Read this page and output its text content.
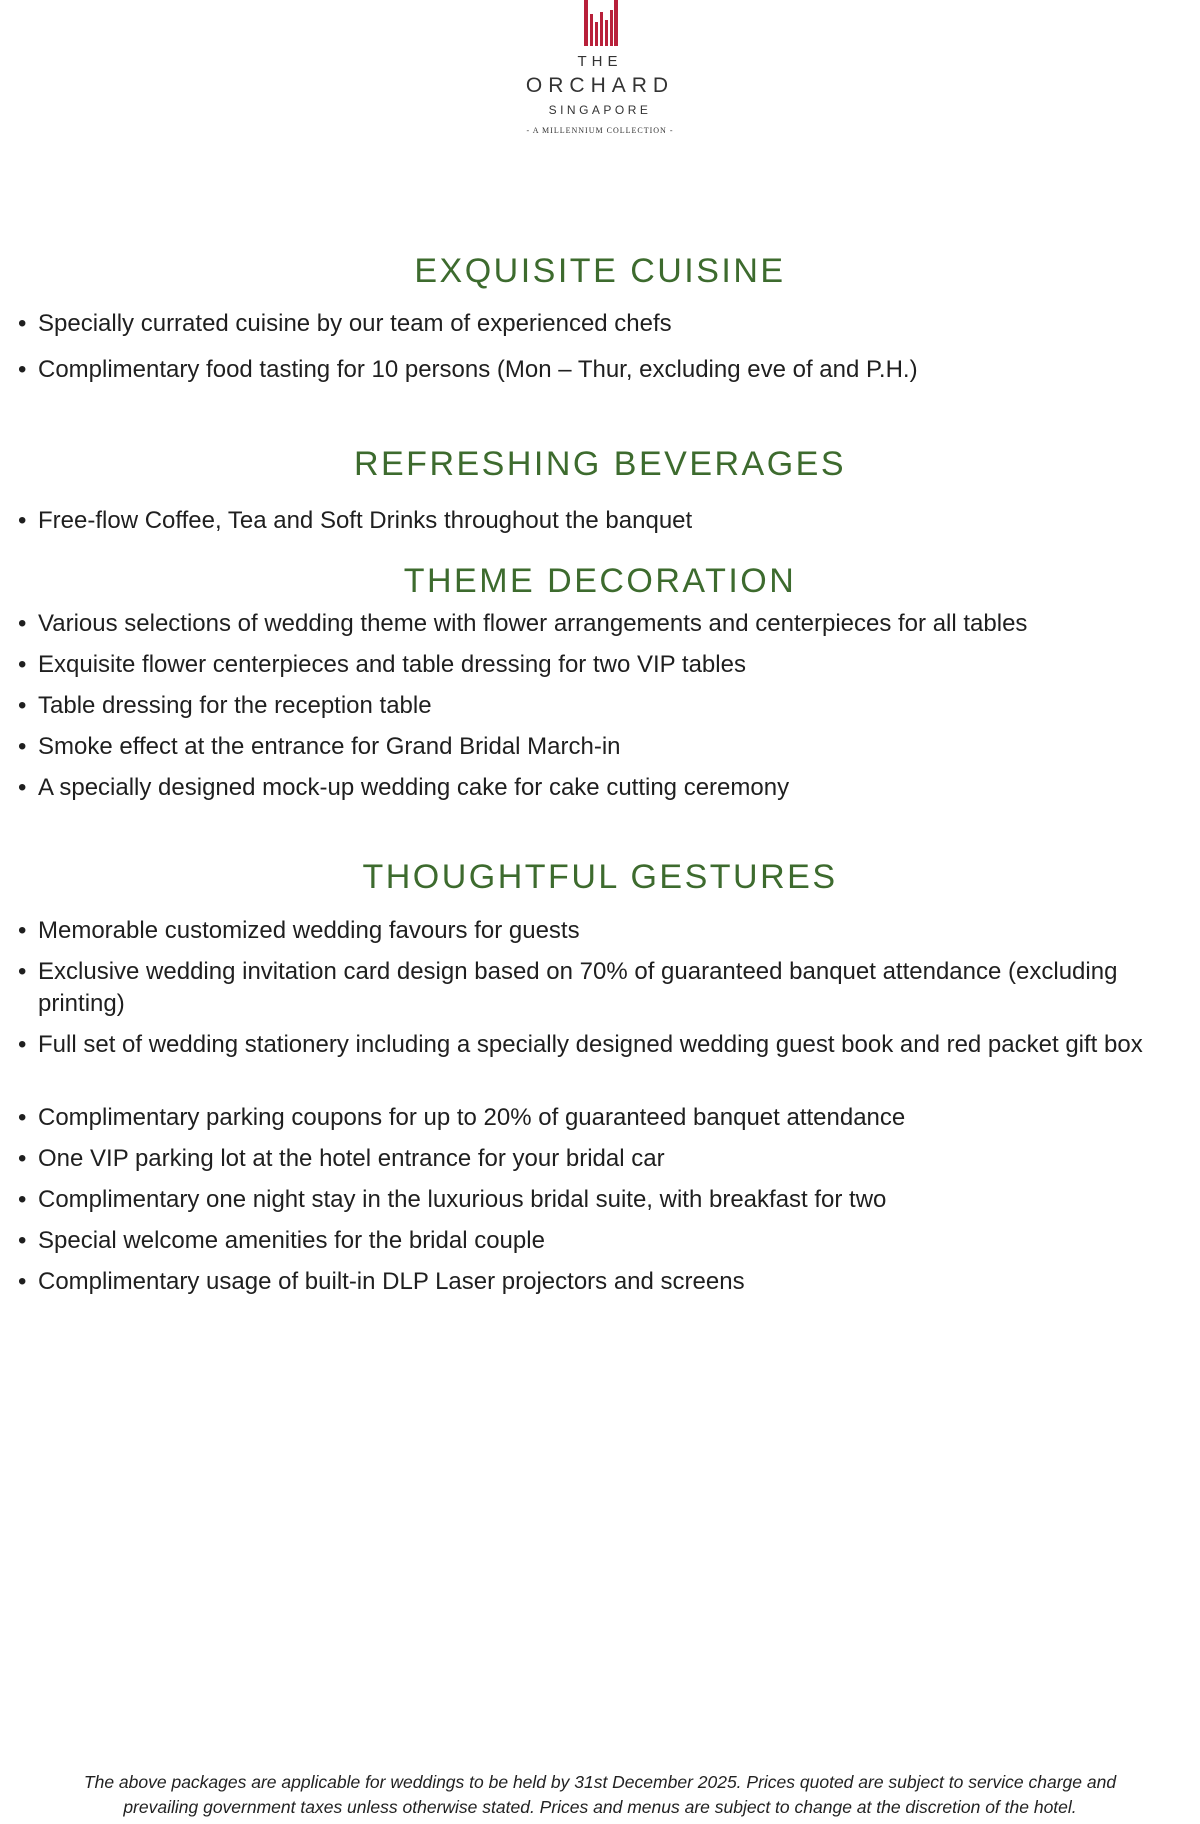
THE
ORCHARD
SINGAPORE
- A MILLENNIUM COLLECTION -
EXQUISITE CUISINE
• Specially currated cuisine by our team of experienced chefs
• Complimentary food tasting for 10 persons (Mon – Thur, excluding eve of and P.H.)
REFRESHING BEVERAGES
• Free-flow Coffee, Tea and Soft Drinks throughout the banquet
THEME DECORATION
• Various selections of wedding theme with flower arrangements and centerpieces for all tables
• Exquisite flower centerpieces and table dressing for two VIP tables
• Table dressing for the reception table
• Smoke effect at the entrance for Grand Bridal March-in
• A specially designed mock-up wedding cake for cake cutting ceremony
THOUGHTFUL GESTURES
• Memorable customized wedding favours for guests
• Exclusive wedding invitation card design based on 70% of guaranteed banquet attendance (excluding printing)
• Full set of wedding stationery including a specially designed wedding guest book and red packet gift box
• Complimentary parking coupons for up to 20% of guaranteed banquet attendance
• One VIP parking lot at the hotel entrance for your bridal car
• Complimentary one night stay in the luxurious bridal suite, with breakfast for two
• Special welcome amenities for the bridal couple
• Complimentary usage of built-in DLP Laser projectors and screens
The above packages are applicable for weddings to be held by 31st December 2025. Prices quoted are subject to service charge and
prevailing government taxes unless otherwise stated. Prices and menus are subject to change at the discretion of the hotel.
